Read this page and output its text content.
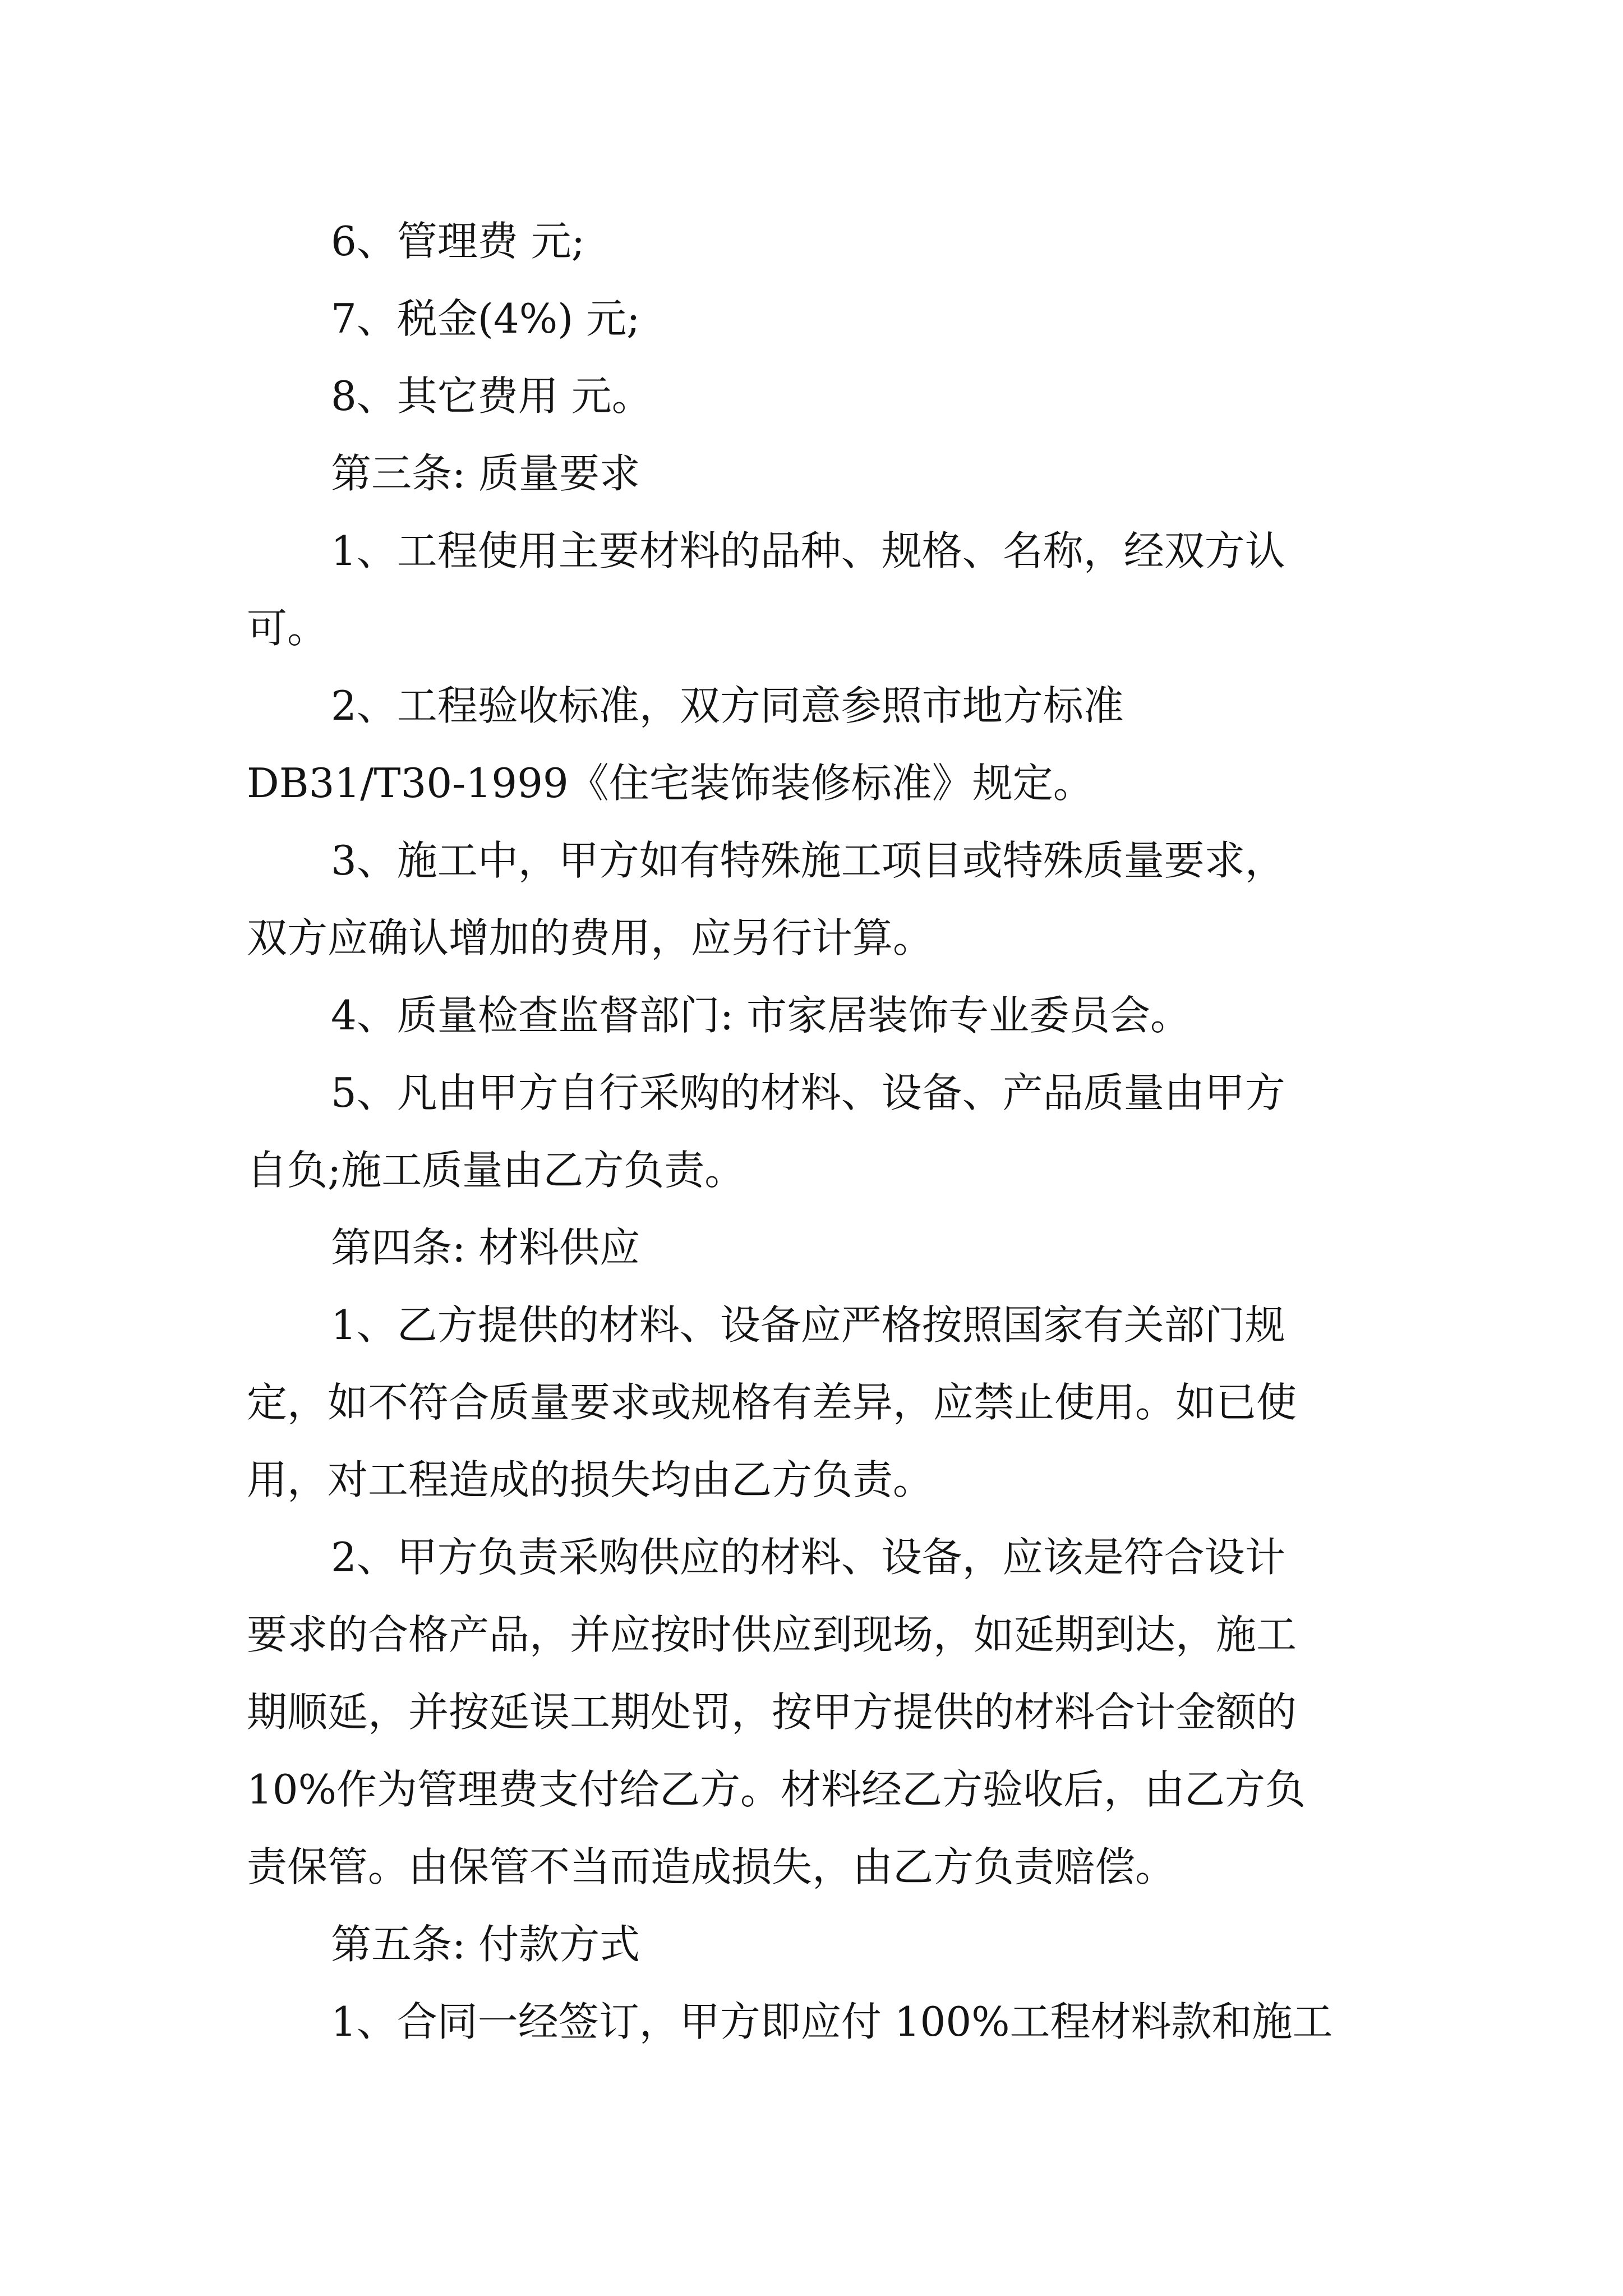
6、管理费 元;

7、税金(4%) 元;

8、其它费用 元。

第三条: 质量要求

1、工程使用主要材料的品种、规格、名称，经双方认

可。

2、工程验收标准，双方同意参照市地方标准

DB31/T30-1999《住宅装饰装修标准》规定。

3、施工中，甲方如有特殊施工项目或特殊质量要求，

双方应确认增加的费用，应另行计算。

4、质量检查监督部门: 市家居装饰专业委员会。

5、凡由甲方自行采购的材料、设备、产品质量由甲方

自负;施工质量由乙方负责。

第四条: 材料供应

1、乙方提供的材料、设备应严格按照国家有关部门规

定，如不符合质量要求或规格有差异，应禁止使用。如已使

用，对工程造成的损失均由乙方负责。

2、甲方负责采购供应的材料、设备，应该是符合设计

要求的合格产品，并应按时供应到现场，如延期到达，施工

期顺延，并按延误工期处罚，按甲方提供的材料合计金额的

10%作为管理费支付给乙方。材料经乙方验收后，由乙方负

责保管。由保管不当而造成损失，由乙方负责赔偿。

第五条: 付款方式

1、合同一经签订，甲方即应付 100%工程材料款和施工
